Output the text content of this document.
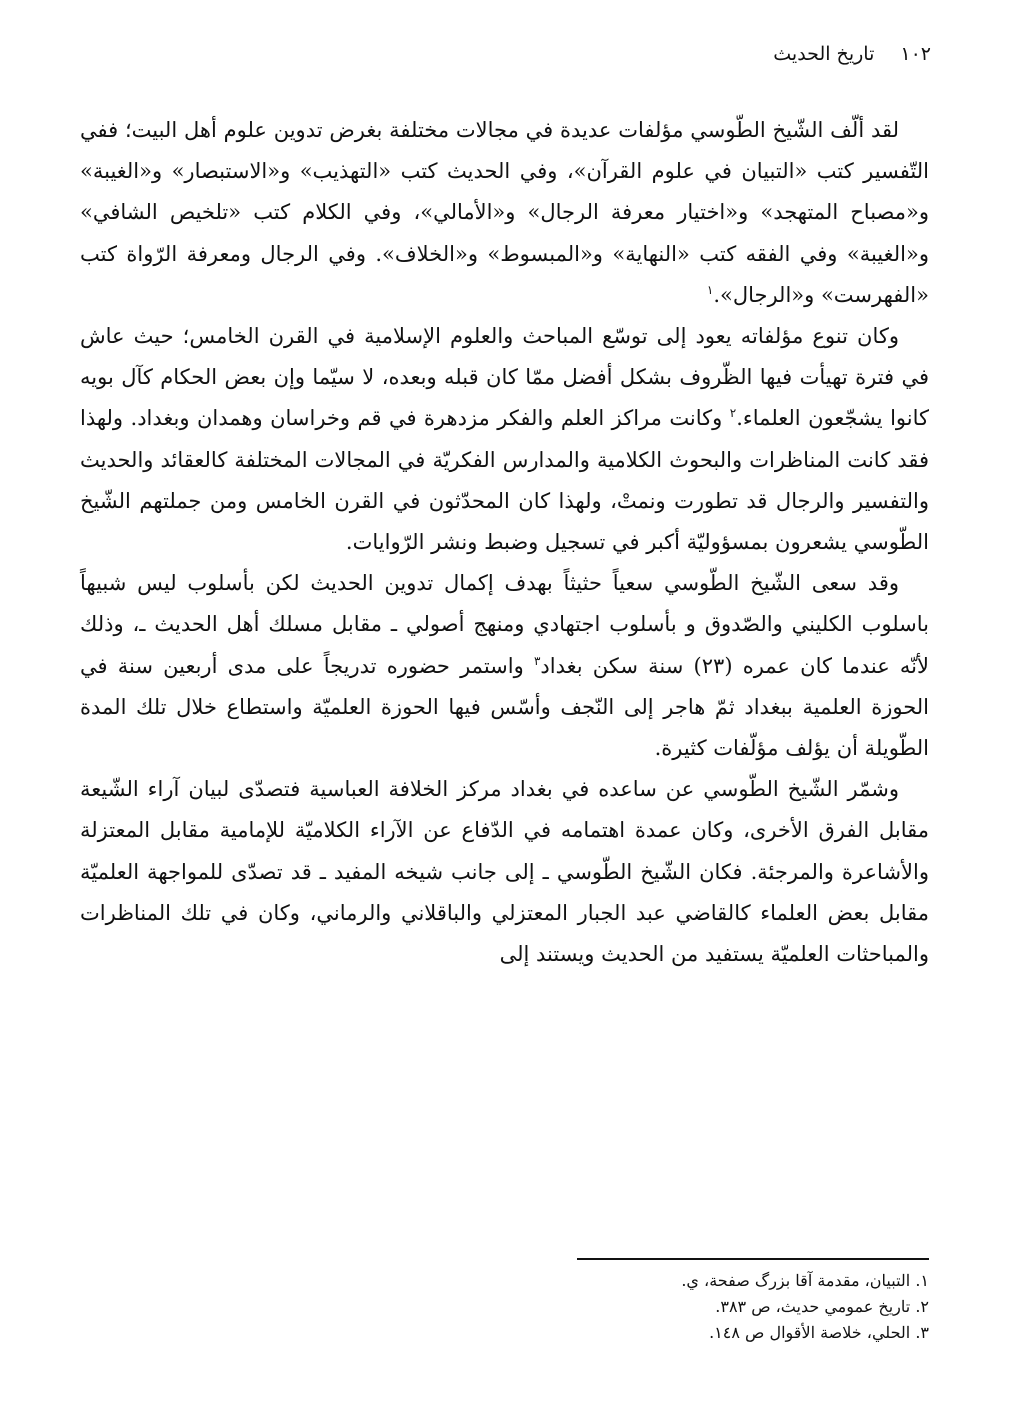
١٠٢
تاريخ الحديث

لقد ألّف الشّيخ الطّوسي مؤلفات عديدة في مجالات مختلفة بغرض تدوين علوم أهل البيت؛ ففي التّفسير كتب «التبيان في علوم القرآن»، وفي الحديث كتب «التهذيب» و«الاستبصار» و«الغيبة» و«مصباح المتهجد» و«اختيار معرفة الرجال» و«الأمالي»، وفي الكلام كتب «تلخيص الشافي» و«الغيبة» وفي الفقه كتب «النهاية» و«المبسوط» و«الخلاف». وفي الرجال ومعرفة الرّواة كتب «الفهرست» و«الرجال».$^١$

وكان تنوع مؤلفاته يعود إلى توسّع المباحث والعلوم الإسلامية في القرن الخامس؛ حيث عاش في فترة تهيأت فيها الظّروف بشكل أفضل ممّا كان قبله وبعده، لا سيّما وإن بعض الحكام كآل بويه كانوا يشجّعون العلماء.$^٢$ وكانت مراكز العلم والفكر مزدهرة في قم وخراسان وهمدان وبغداد. ولهذا فقد كانت المناظرات والبحوث الكلامية والمدارس الفكريّة في المجالات المختلفة كالعقائد والحديث والتفسير والرجال قد تطورت ونمتْ، ولهذا كان المحدّثون في القرن الخامس ومن جملتهم الشّيخ الطّوسي يشعرون بمسؤوليّة أكبر في تسجيل وضبط ونشر الرّوايات.

وقد سعى الشّيخ الطّوسي سعياً حثيثاً بهدف إكمال تدوين الحديث لكن بأسلوب ليس شبيهاً باسلوب الكليني والصّدوق و بأسلوب اجتهادي ومنهج أصولي ـ مقابل مسلك أهل الحديث ـ، وذلك لأنّه عندما كان عمره (٢٣) سنة سكن بغداد$^٣$ واستمر حضوره تدريجاً على مدى أربعين سنة في الحوزة العلمية ببغداد ثمّ هاجر إلى النّجف وأسّس فيها الحوزة العلميّة واستطاع خلال تلك المدة الطّويلة أن يؤلف مؤلّفات كثيرة.

وشمّر الشّيخ الطّوسي عن ساعده في بغداد مركز الخلافة العباسية فتصدّى لبيان آراء الشّيعة مقابل الفرق الأخرى، وكان عمدة اهتمامه في الدّفاع عن الآراء الكلاميّة للإمامية مقابل المعتزلة والأشاعرة والمرجئة. فكان الشّيخ الطّوسي ـ إلى جانب شيخه المفيد ـ قد تصدّى للمواجهة العلميّة مقابل بعض العلماء كالقاضي عبد الجبار المعتزلي والباقلاني والرماني، وكان في تلك المناظرات والمباحثات العلميّة يستفيد من الحديث ويستند إلى

١. التبيان، مقدمة آقا بزرگ صفحة، ي.

٢. تاريخ عمومي حديث، ص ٣٨٣.

٣. الحلي، خلاصة الأقوال ص ١٤٨.
